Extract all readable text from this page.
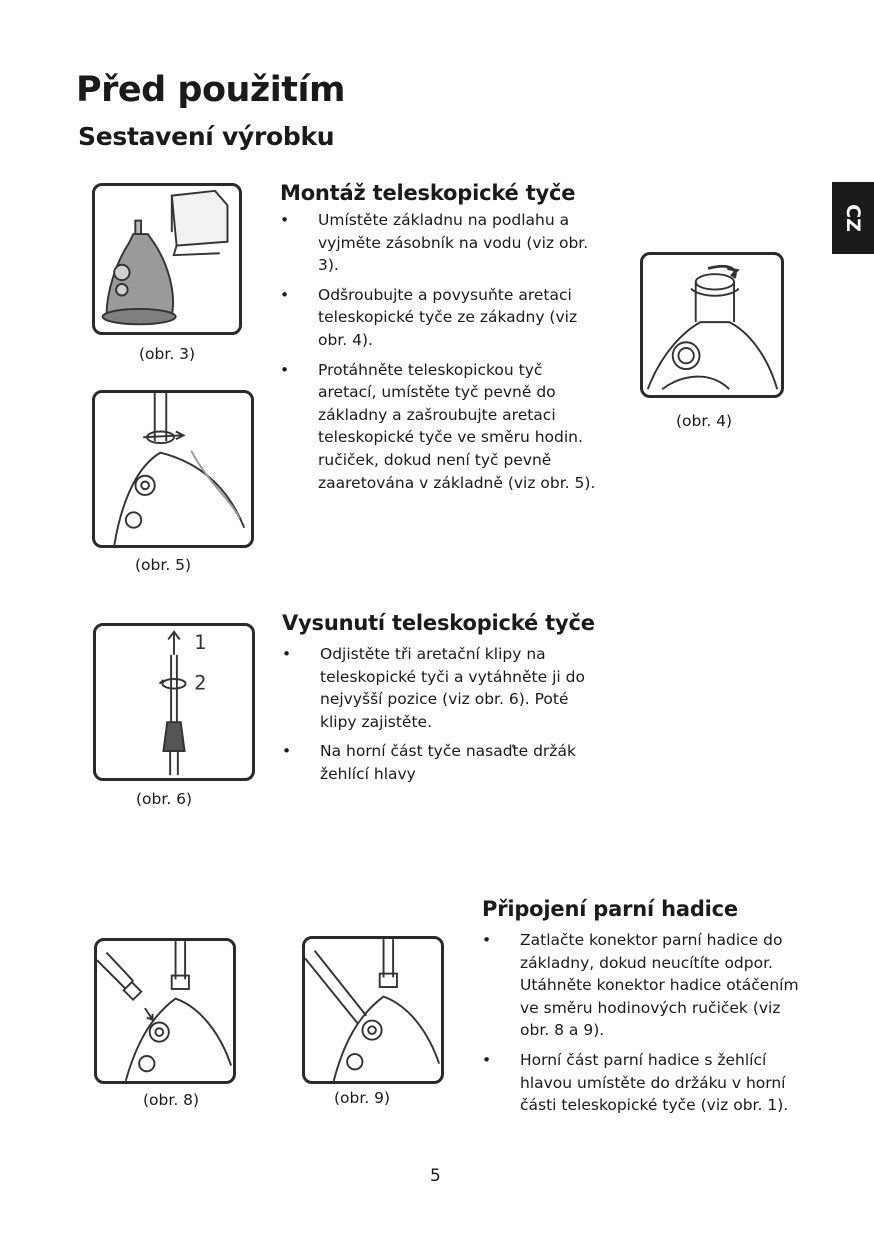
Před použitím
Sestavení výrobku
CZ
Montáž teleskopické tyče
• Umístěte základnu na podlahu a vyjměte zásobník na vodu (viz obr. 3).
• Odšroubujte a povysuňte aretaci teleskopické tyče ze zákadny (viz obr. 4).
• Protáhněte teleskopickou tyč aretací, umístěte tyč pevně do základny a zašroubujte aretaci teleskopické tyče ve směru hodin. ručiček, dokud není tyč pevně zaaretována v základně (viz obr. 5).
(obr. 3)
(obr. 4)
(obr. 5)
Vysunutí teleskopické tyče
• Odjistěte tři aretační klipy na teleskopické tyči a vytáhněte ji do nejvyšší pozice (viz obr. 6). Poté klipy zajistěte.
• Na horní část tyče nasaďte držák žehlící hlavy
1
2
(obr. 6)
Připojení parní hadice
• Zatlačte konektor parní hadice do základny, dokud neucítíte odpor. Utáhněte konektor hadice otáčením ve směru hodinových ručiček (viz obr. 8 a 9).
• Horní část parní hadice s žehlící hlavou umístěte do držáku v horní části teleskopické tyče (viz obr. 1).
(obr. 8)	(obr. 9)
5
